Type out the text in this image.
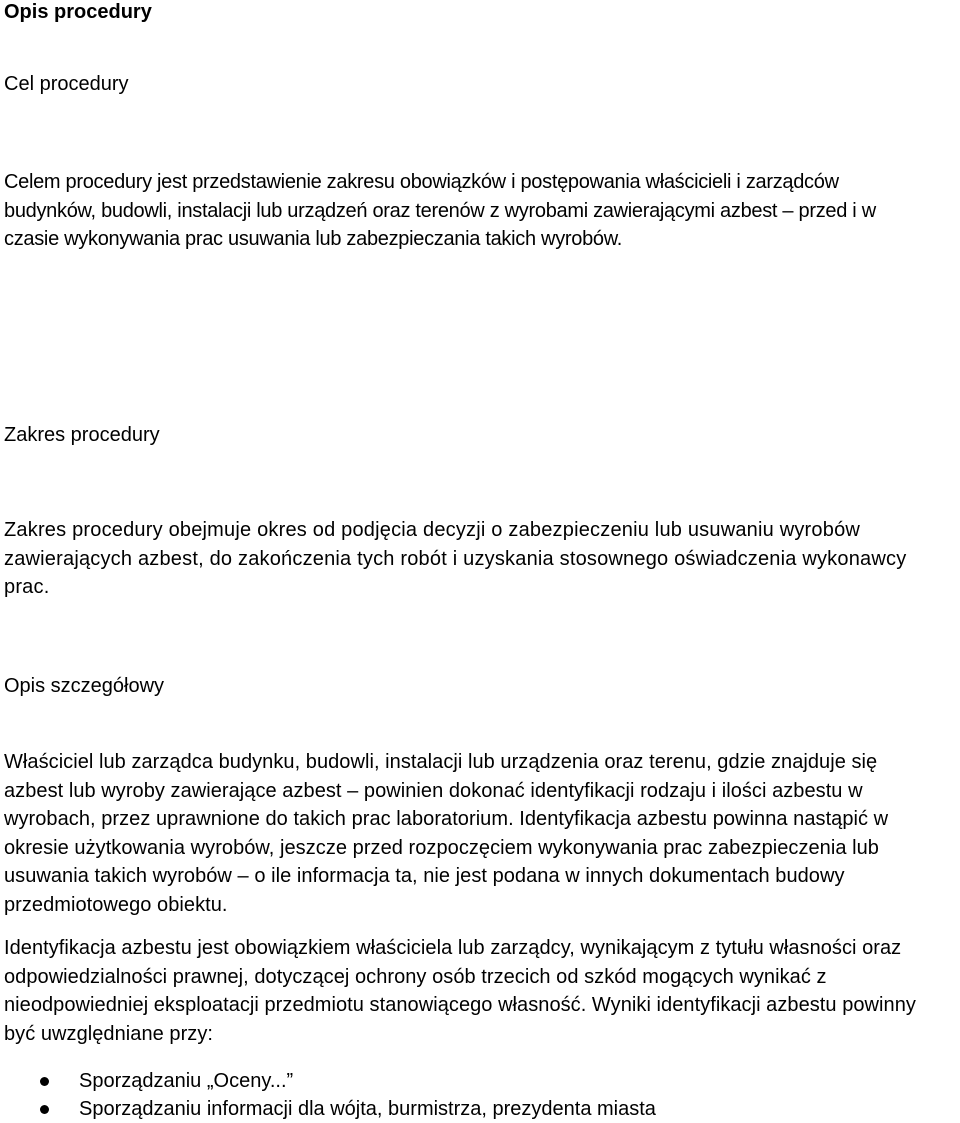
Opis procedury
Cel procedury
Celem procedury jest przedstawienie zakresu obowiązków i postępowania właścicieli i zarządców
budynków, budowli, instalacji lub urządzeń oraz terenów z wyrobami zawierającymi azbest – przed i w
czasie wykonywania prac usuwania lub zabezpieczania takich wyrobów.
Zakres procedury
Zakres procedury obejmuje okres od podjęcia decyzji o zabezpieczeniu lub usuwaniu wyrobów
zawierających azbest, do zakończenia tych robót i uzyskania stosownego oświadczenia wykonawcy
prac.
Opis szczegółowy
Właściciel lub zarządca budynku, budowli, instalacji lub urządzenia oraz terenu, gdzie znajduje się
azbest lub wyroby zawierające azbest – powinien dokonać identyfikacji rodzaju i ilości azbestu w
wyrobach, przez uprawnione do takich prac laboratorium. Identyfikacja azbestu powinna nastąpić w
okresie użytkowania wyrobów, jeszcze przed rozpoczęciem wykonywania prac zabezpieczenia lub
usuwania takich wyrobów – o ile informacja ta, nie jest podana w innych dokumentach budowy
przedmiotowego obiektu.
Identyfikacja azbestu jest obowiązkiem właściciela lub zarządcy, wynikającym z tytułu własności oraz
odpowiedzialności prawnej, dotyczącej ochrony osób trzecich od szkód mogących wynikać z
nieodpowiedniej eksploatacji przedmiotu stanowiącego własność. Wyniki identyfikacji azbestu powinny
być uwzględniane przy:
Sporządzaniu „Oceny...”
Sporządzaniu informacji dla wójta, burmistrza, prezydenta miasta
